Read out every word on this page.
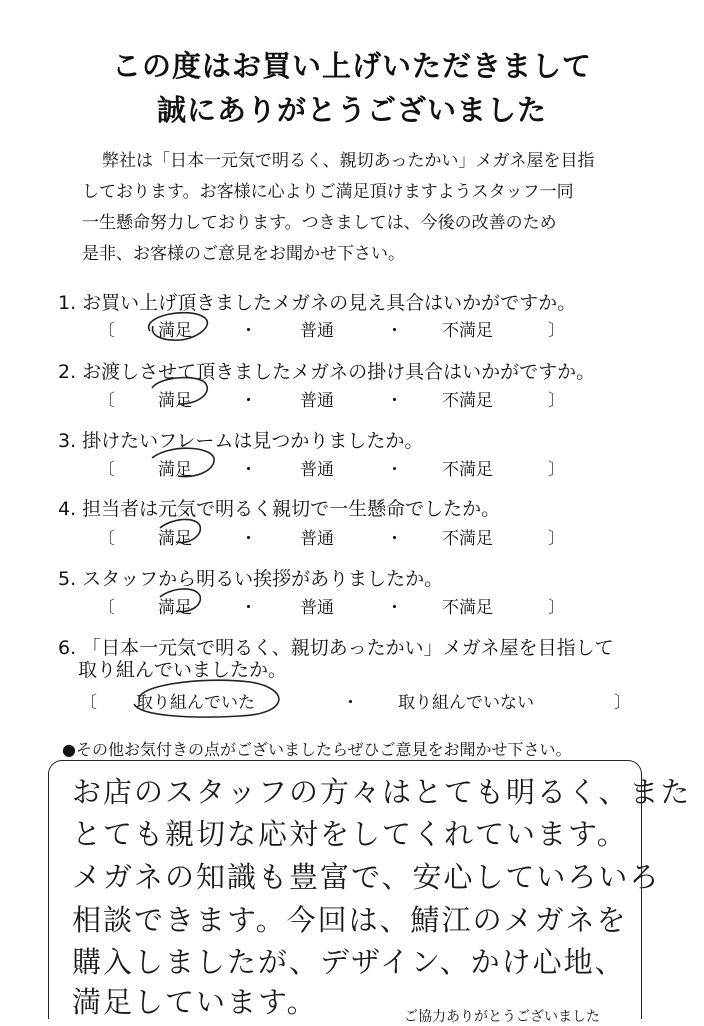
この度はお買い上げいただきまして
誠にありがとうございました
弊社は「日本一元気で明るく、親切あったかい」メガネ屋を目指
しております。お客様に心よりご満足頂けますようスタッフ一同
一生懸命努力しております。つきましては、今後の改善のため
是非、お客様のご意見をお聞かせ下さい。
1. お買い上げ頂きましたメガネの見え具合はいかがですか。
〔	満足	・	普通	・ 不満足	〕
2. お渡しさせて頂きましたメガネの掛け具合はいかがですか。
〔	満足	・	普通	・ 不満足	〕
3. 掛けたいフレームは見つかりましたか。
〔	満足	・	普通	・ 不満足	〕
4. 担当者は元気で明るく親切で一生懸命でしたか。
〔	満足	・	普通	・ 不満足	〕
5. スタッフから明るい挨拶がありましたか。
〔	満足	・	普通	・ 不満足	〕
6. 「日本一元気で明るく、親切あったかい」メガネ屋を目指して
取り組んでいましたか。
〔 取り組んでいた	・ 取り組んでいない	〕
●その他お気付きの点がございましたらぜひご意見をお聞かせ下さい。
お店のスタッフの方々はとても明るく、また
とても親切な応対をしてくれています。
メガネの知識も豊富で、安心していろいろ
相談できます。今回は、鯖江のメガネを
購入しましたが、デザイン、かけ心地、
満足しています。	ご協力ありがとうございました
